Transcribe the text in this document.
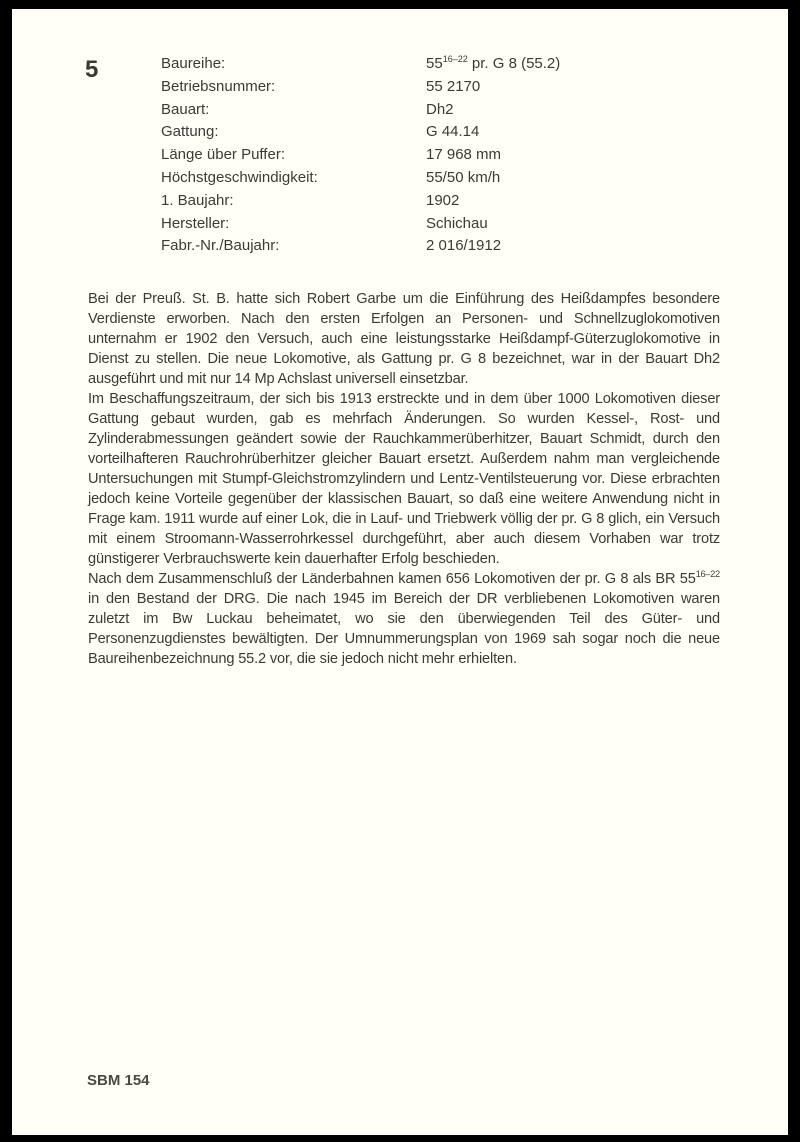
5	Baureihe:	55$^{16-22}$ pr. G 8 (55.2)
Betriebsnummer:	55 2170
Bauart:	Dh2
Gattung:	G 44.14
Länge über Puffer:	17 968 mm
Höchstgeschwindigkeit:	55/50 km/h
1. Baujahr:	1902
Hersteller:	Schichau
Fabr.-Nr./Baujahr:	2 016/1912

Bei der Preuß. St. B. hatte sich Robert Garbe um die Einführung des Heißdampfes besondere Verdienste erworben. Nach den ersten Erfolgen an Personen- und Schnellzuglokomotiven unternahm er 1902 den Versuch, auch eine leistungsstarke Heißdampf-Güterzuglokomotive in Dienst zu stellen. Die neue Lokomotive, als Gattung pr. G 8 bezeichnet, war in der Bauart Dh2 ausgeführt und mit nur 14 Mp Achslast universell einsetzbar.

Im Beschaffungszeitraum, der sich bis 1913 erstreckte und in dem über 1000 Lokomotiven dieser Gattung gebaut wurden, gab es mehrfach Änderungen. So wurden Kessel-, Rost- und Zylinderabmessungen geändert sowie der Rauchkammerüberhitzer, Bauart Schmidt, durch den vorteilhafteren Rauchrohrüberhitzer gleicher Bauart ersetzt. Außerdem nahm man vergleichende Untersuchungen mit Stumpf-Gleichstromzylindern und Lentz-Ventilsteuerung vor. Diese erbrachten jedoch keine Vorteile gegenüber der klassischen Bauart, so daß eine weitere Anwendung nicht in Frage kam. 1911 wurde auf einer Lok, die in Lauf- und Triebwerk völlig der pr. G 8 glich, ein Versuch mit einem Stroomann-Wasserrohrkessel durchgeführt, aber auch diesem Vorhaben war trotz günstigerer Verbrauchswerte kein dauerhafter Erfolg beschieden.

Nach dem Zusammenschluß der Länderbahnen kamen 656 Lokomotiven der pr. G 8 als BR 55$^{16-22}$ in den Bestand der DRG. Die nach 1945 im Bereich der DR verbliebenen Lokomotiven waren zuletzt im Bw Luckau beheimatet, wo sie den überwiegenden Teil des Güter- und Personenzugdienstes bewältigten. Der Umnummerungsplan von 1969 sah sogar noch die neue Baureihenbezeichnung 55.2 vor, die sie jedoch nicht mehr erhielten.

SBM 154
